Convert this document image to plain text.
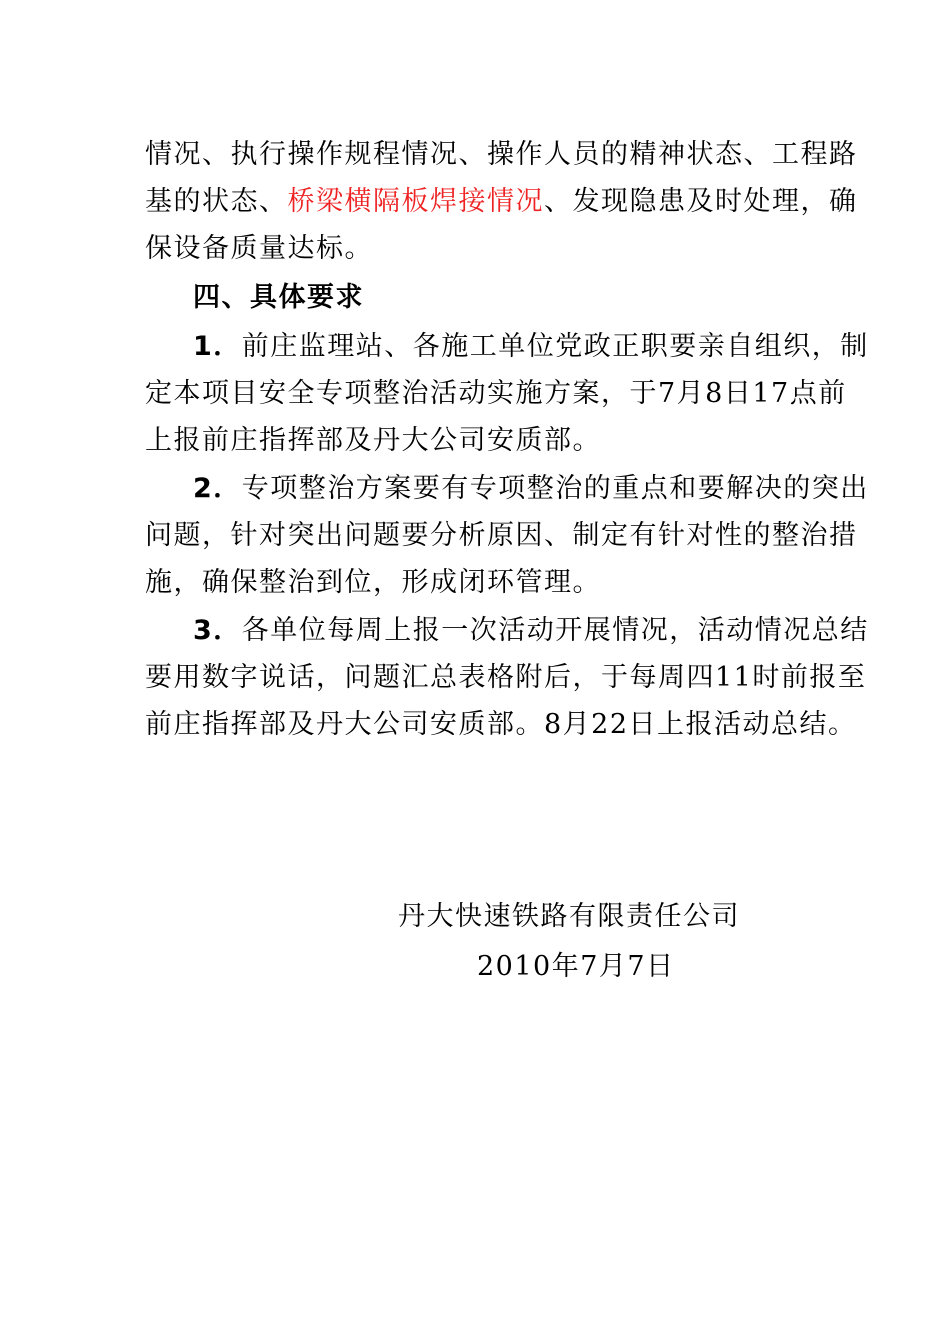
情况、执行操作规程情况、操作人员的精神状态、工程路
基的状态、桥梁横隔板焊接情况、发现隐患及时处理，确
保设备质量达标。
四、具体要求
1．前庄监理站、各施工单位党政正职要亲自组织，制
定本项目安全专项整治活动实施方案，于7月8日17点前
上报前庄指挥部及丹大公司安质部。
2．专项整治方案要有专项整治的重点和要解决的突出
问题，针对突出问题要分析原因、制定有针对性的整治措
施，确保整治到位，形成闭环管理。
3．各单位每周上报一次活动开展情况，活动情况总结
要用数字说话，问题汇总表格附后，于每周四11时前报至
前庄指挥部及丹大公司安质部。8月22日上报活动总结。
丹大快速铁路有限责任公司
2010年7月7日
